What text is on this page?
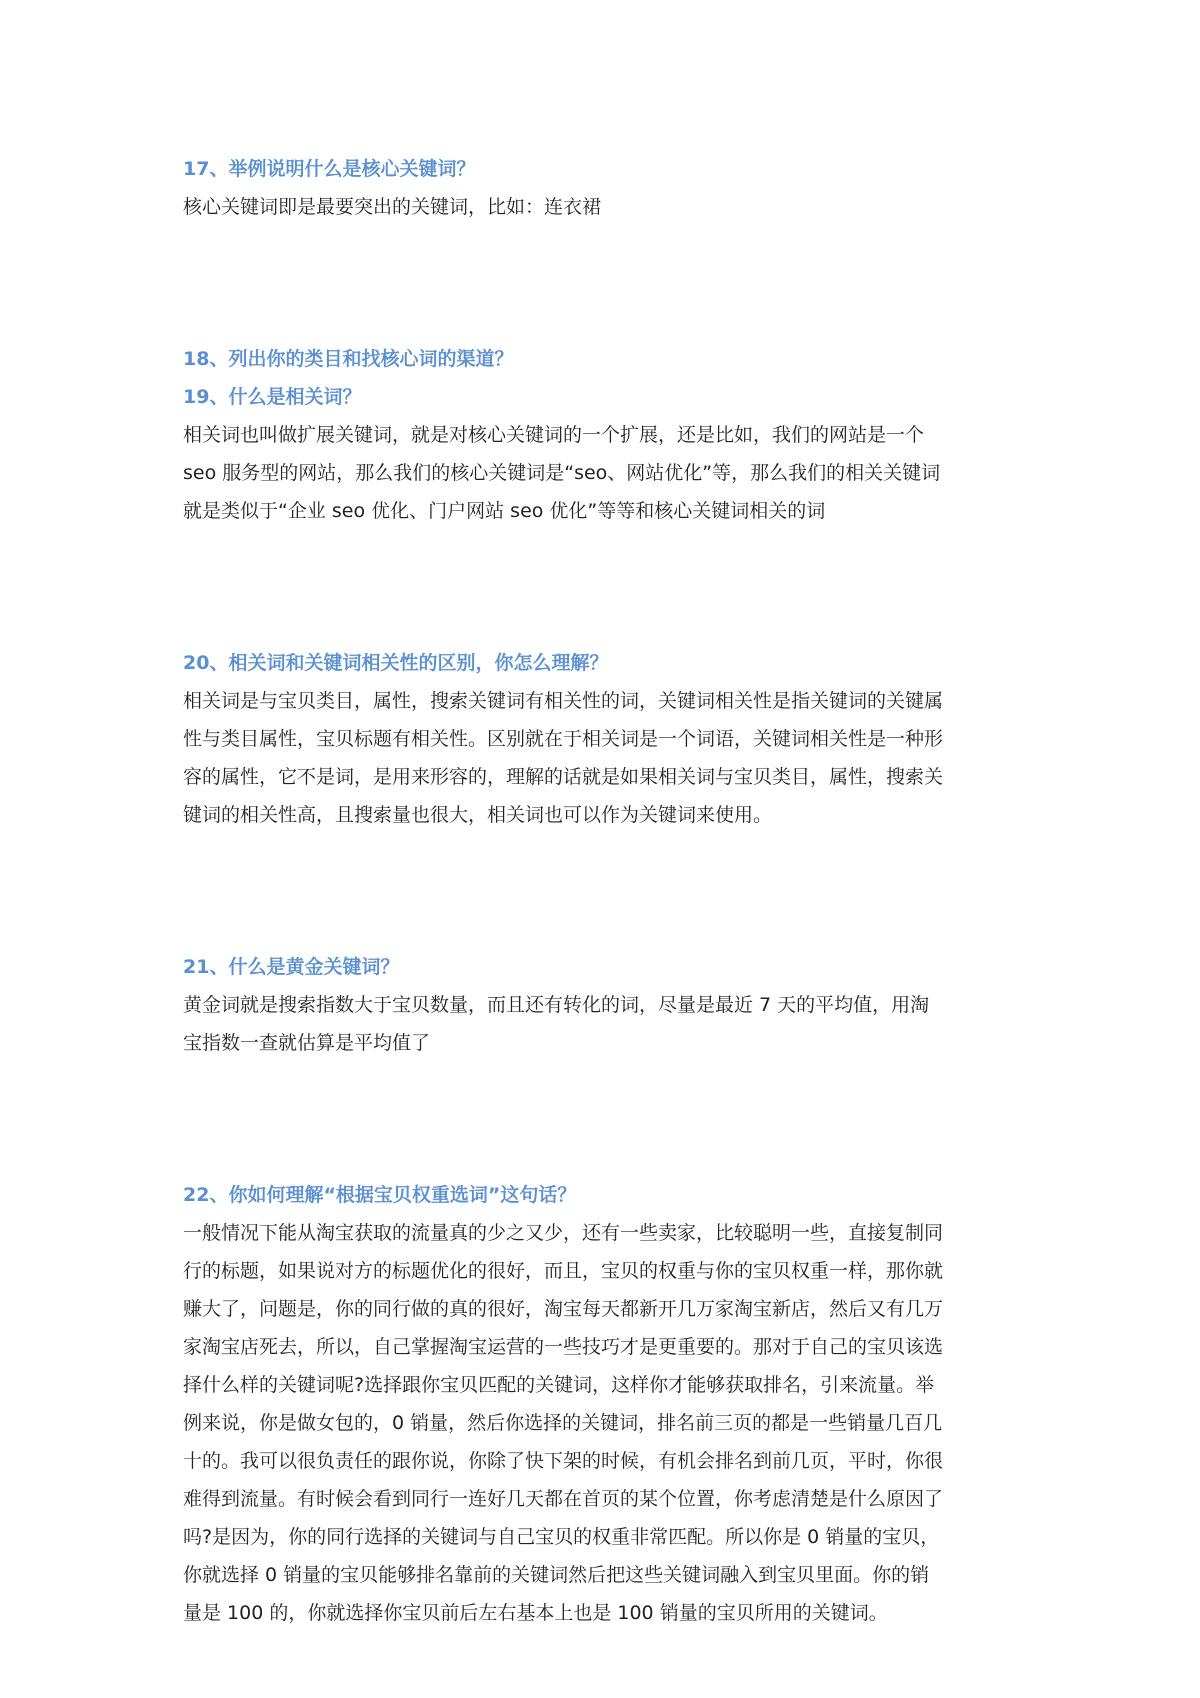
17、举例说明什么是核心关键词？

核心关键词即是最要突出的关键词，比如：连衣裙

18、列出你的类目和找核心词的渠道？

19、什么是相关词？

相关词也叫做扩展关键词，就是对核心关键词的一个扩展，还是比如，我们的网站是一个

seo 服务型的网站，那么我们的核心关键词是“seo、网站优化”等，那么我们的相关关键词

就是类似于“企业 seo 优化、门户网站 seo 优化”等等和核心关键词相关的词

20、相关词和关键词相关性的区别，你怎么理解？

相关词是与宝贝类目，属性，搜索关键词有相关性的词，关键词相关性是指关键词的关键属

性与类目属性，宝贝标题有相关性。区别就在于相关词是一个词语，关键词相关性是一种形

容的属性，它不是词，是用来形容的，理解的话就是如果相关词与宝贝类目，属性，搜索关

键词的相关性高，且搜索量也很大，相关词也可以作为关键词来使用。

21、什么是黄金关键词？

黄金词就是搜索指数大于宝贝数量，而且还有转化的词，尽量是最近 7 天的平均值，用淘

宝指数一查就估算是平均值了

22、你如何理解“根据宝贝权重选词”这句话？

一般情况下能从淘宝获取的流量真的少之又少，还有一些卖家，比较聪明一些，直接复制同

行的标题，如果说对方的标题优化的很好，而且，宝贝的权重与你的宝贝权重一样，那你就

赚大了，问题是，你的同行做的真的很好，淘宝每天都新开几万家淘宝新店，然后又有几万

家淘宝店死去，所以，自己掌握淘宝运营的一些技巧才是更重要的。那对于自己的宝贝该选

择什么样的关键词呢?选择跟你宝贝匹配的关键词，这样你才能够获取排名，引来流量。举

例来说，你是做女包的，0 销量，然后你选择的关键词，排名前三页的都是一些销量几百几

十的。我可以很负责任的跟你说，你除了快下架的时候，有机会排名到前几页，平时，你很

难得到流量。有时候会看到同行一连好几天都在首页的某个位置，你考虑清楚是什么原因了

吗?是因为，你的同行选择的关键词与自己宝贝的权重非常匹配。所以你是 0 销量的宝贝，

你就选择 0 销量的宝贝能够排名靠前的关键词然后把这些关键词融入到宝贝里面。你的销

量是 100 的，你就选择你宝贝前后左右基本上也是 100 销量的宝贝所用的关键词。
